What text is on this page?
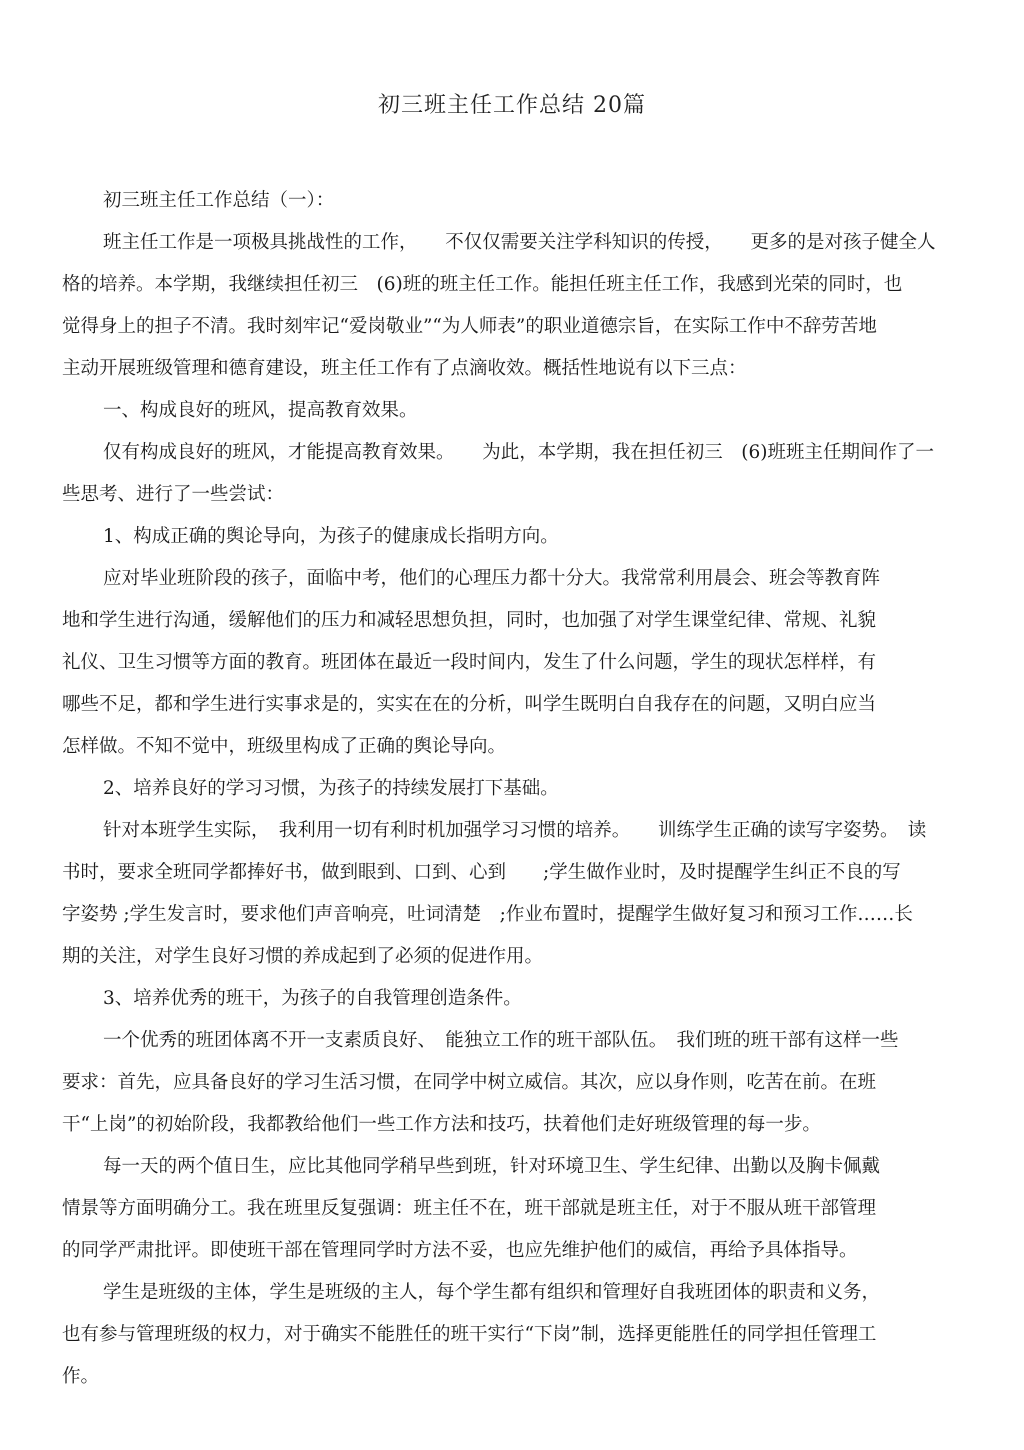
初三班主任工作总结 20篇
初三班主任工作总结（一）：
班主任工作是一项极具挑战性的工作，　　不仅仅需要关注学科知识的传授，　　更多的是对孩子健全人
格的培养。本学期，我继续担任初三　(6)班的班主任工作。能担任班主任工作，我感到光荣的同时，也
觉得身上的担子不清。我时刻牢记“爱岗敬业”“为人师表”的职业道德宗旨，在实际工作中不辞劳苦地
主动开展班级管理和德育建设，班主任工作有了点滴收效。概括性地说有以下三点：
一、构成良好的班风，提高教育效果。
仅有构成良好的班风，才能提高教育效果。　　为此，本学期，我在担任初三　(6)班班主任期间作了一
些思考、进行了一些尝试：
1、构成正确的舆论导向，为孩子的健康成长指明方向。
应对毕业班阶段的孩子，面临中考，他们的心理压力都十分大。我常常利用晨会、班会等教育阵
地和学生进行沟通，缓解他们的压力和减轻思想负担，同时，也加强了对学生课堂纪律、常规、礼貌
礼仪、卫生习惯等方面的教育。班团体在最近一段时间内，发生了什么问题，学生的现状怎样样，有
哪些不足，都和学生进行实事求是的，实实在在的分析，叫学生既明白自我存在的问题，又明白应当
怎样做。不知不觉中，班级里构成了正确的舆论导向。
2、培养良好的学习习惯，为孩子的持续发展打下基础。
针对本班学生实际，　我利用一切有利时机加强学习习惯的培养。　　训练学生正确的读写字姿势。　读
书时，要求全班同学都捧好书，做到眼到、口到、心到　　;学生做作业时，及时提醒学生纠正不良的写
字姿势 ;学生发言时，要求他们声音响亮，吐词清楚　;作业布置时，提醒学生做好复习和预习工作……长
期的关注，对学生良好习惯的养成起到了必须的促进作用。
3、培养优秀的班干，为孩子的自我管理创造条件。
一个优秀的班团体离不开一支素质良好、　能独立工作的班干部队伍。　我们班的班干部有这样一些
要求：首先，应具备良好的学习生活习惯，在同学中树立威信。其次，应以身作则，吃苦在前。在班
干“上岗”的初始阶段，我都教给他们一些工作方法和技巧，扶着他们走好班级管理的每一步。
每一天的两个值日生，应比其他同学稍早些到班，针对环境卫生、学生纪律、出勤以及胸卡佩戴
情景等方面明确分工。我在班里反复强调：班主任不在，班干部就是班主任，对于不服从班干部管理
的同学严肃批评。即使班干部在管理同学时方法不妥，也应先维护他们的威信，再给予具体指导。
学生是班级的主体，学生是班级的主人，每个学生都有组织和管理好自我班团体的职责和义务，
也有参与管理班级的权力，对于确实不能胜任的班干实行“下岗”制，选择更能胜任的同学担任管理工
作。
